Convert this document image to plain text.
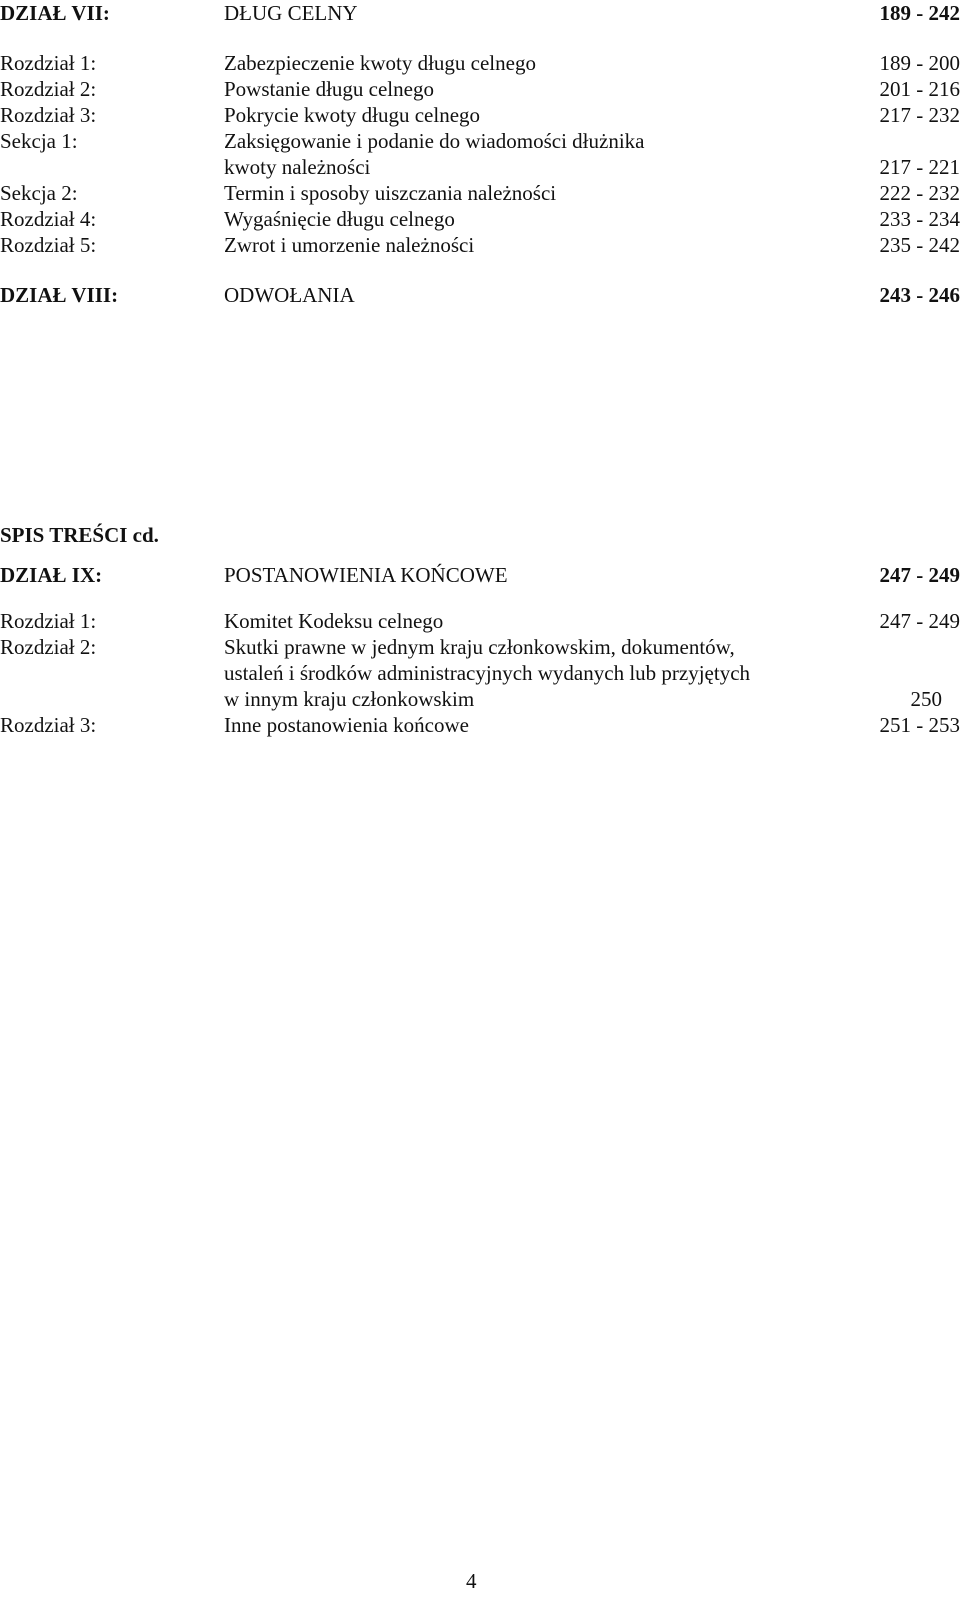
DZIAŁ VII:	DŁUG CELNY	189 - 242
Rozdział 1:	Zabezpieczenie kwoty długu celnego	189 - 200
Rozdział 2:	Powstanie długu celnego	201 - 216
Rozdział 3:	Pokrycie kwoty długu celnego	217 - 232
Sekcja 1:	Zaksięgowanie i podanie do wiadomości dłużnika
kwoty należności	217 - 221
Sekcja 2:	Termin i sposoby uiszczania należności	222 - 232
Rozdział 4:	Wygaśnięcie długu celnego	233 - 234
Rozdział 5:	Zwrot i umorzenie należności	235 - 242
DZIAŁ VIII:	ODWOŁANIA	243 - 246
SPIS TREŚCI cd.
DZIAŁ IX:	POSTANOWIENIA KOŃCOWE	247 - 249
Rozdział 1:	Komitet Kodeksu celnego	247 - 249
Rozdział 2:	Skutki prawne w jednym kraju członkowskim, dokumentów,
ustaleń i środków administracyjnych wydanych lub przyjętych
w innym kraju członkowskim	250
Rozdział 3:	Inne postanowienia końcowe	251 - 253
4
